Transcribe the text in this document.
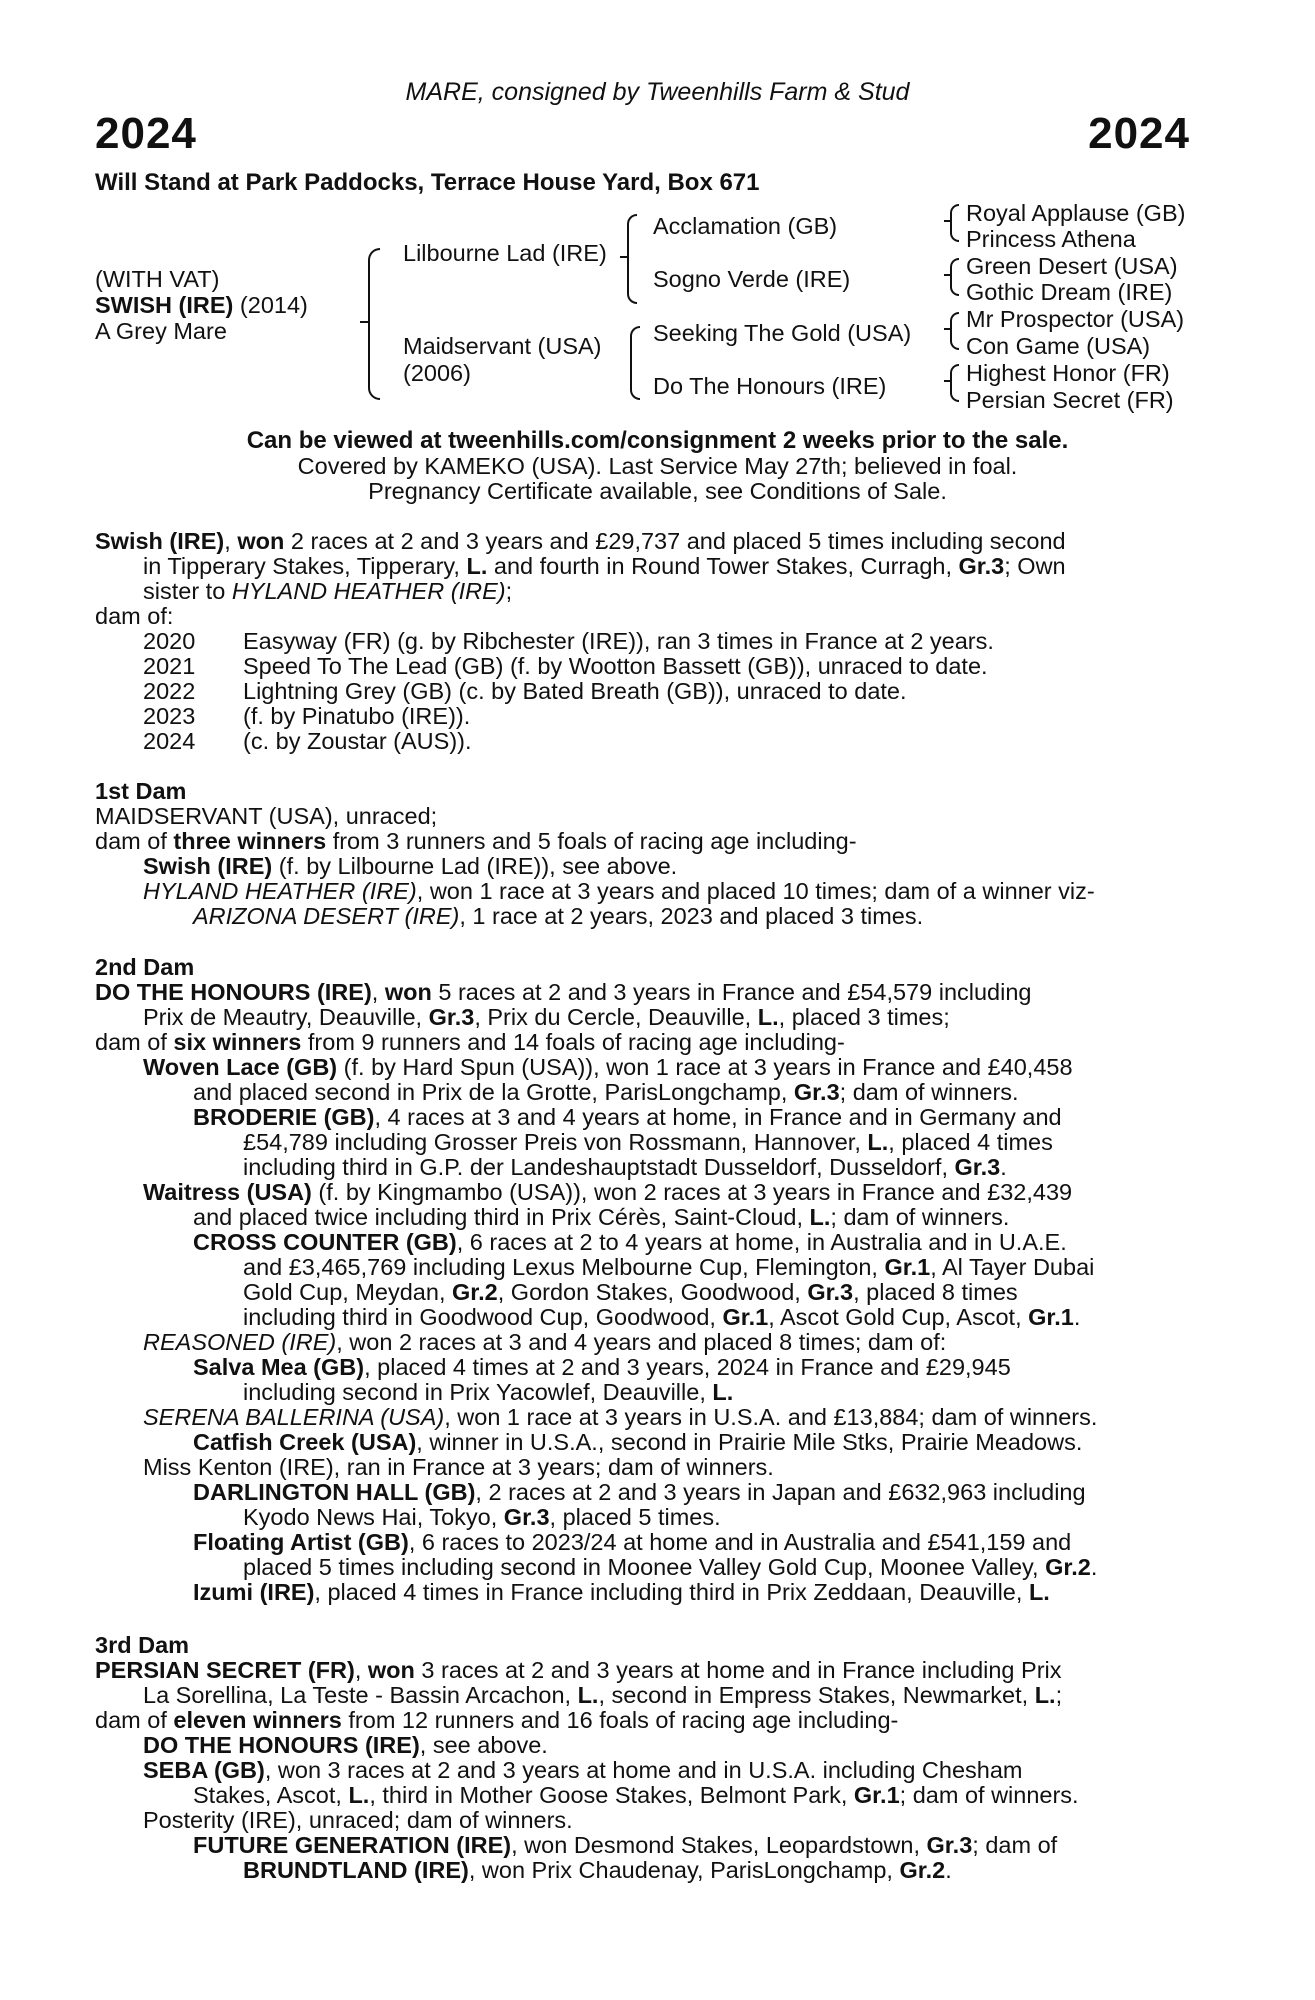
MARE, consigned by Tweenhills Farm & Stud
2024	2024
Will Stand at Park Paddocks, Terrace House Yard, Box 671
(WITH VAT)
SWISH (IRE) (2014)
A Grey Mare
Lilbourne Lad (IRE)
Maidservant (USA)
(2006)
Acclamation (GB)
Sogno Verde (IRE)
Seeking The Gold (USA)
Do The Honours (IRE)
Royal Applause (GB)
Princess Athena
Green Desert (USA)
Gothic Dream (IRE)
Mr Prospector (USA)
Con Game (USA)
Highest Honor (FR)
Persian Secret (FR)
Can be viewed at tweenhills.com/consignment 2 weeks prior to the sale.
Covered by KAMEKO (USA). Last Service May 27th; believed in foal.
Pregnancy Certificate available, see Conditions of Sale.
Swish (IRE), won 2 races at 2 and 3 years and £29,737 and placed 5 times including second
in Tipperary Stakes, Tipperary, L. and fourth in Round Tower Stakes, Curragh, Gr.3; Own
sister to HYLAND HEATHER (IRE);
dam of:
2020 Easyway (FR) (g. by Ribchester (IRE)), ran 3 times in France at 2 years.
2021 Speed To The Lead (GB) (f. by Wootton Bassett (GB)), unraced to date.
2022 Lightning Grey (GB) (c. by Bated Breath (GB)), unraced to date.
2023 (f. by Pinatubo (IRE)).
2024 (c. by Zoustar (AUS)).
1st Dam
MAIDSERVANT (USA), unraced;
dam of three winners from 3 runners and 5 foals of racing age including-
Swish (IRE) (f. by Lilbourne Lad (IRE)), see above.
HYLAND HEATHER (IRE), won 1 race at 3 years and placed 10 times; dam of a winner viz-
ARIZONA DESERT (IRE), 1 race at 2 years, 2023 and placed 3 times.
2nd Dam
DO THE HONOURS (IRE), won 5 races at 2 and 3 years in France and £54,579 including
Prix de Meautry, Deauville, Gr.3, Prix du Cercle, Deauville, L., placed 3 times;
dam of six winners from 9 runners and 14 foals of racing age including-
Woven Lace (GB) (f. by Hard Spun (USA)), won 1 race at 3 years in France and £40,458
and placed second in Prix de la Grotte, ParisLongchamp, Gr.3; dam of winners.
BRODERIE (GB), 4 races at 3 and 4 years at home, in France and in Germany and
£54,789 including Grosser Preis von Rossmann, Hannover, L., placed 4 times
including third in G.P. der Landeshauptstadt Dusseldorf, Dusseldorf, Gr.3.
Waitress (USA) (f. by Kingmambo (USA)), won 2 races at 3 years in France and £32,439
and placed twice including third in Prix Cérès, Saint-Cloud, L.; dam of winners.
CROSS COUNTER (GB), 6 races at 2 to 4 years at home, in Australia and in U.A.E.
and £3,465,769 including Lexus Melbourne Cup, Flemington, Gr.1, Al Tayer Dubai
Gold Cup, Meydan, Gr.2, Gordon Stakes, Goodwood, Gr.3, placed 8 times
including third in Goodwood Cup, Goodwood, Gr.1, Ascot Gold Cup, Ascot, Gr.1.
REASONED (IRE), won 2 races at 3 and 4 years and placed 8 times; dam of:
Salva Mea (GB), placed 4 times at 2 and 3 years, 2024 in France and £29,945
including second in Prix Yacowlef, Deauville, L.
SERENA BALLERINA (USA), won 1 race at 3 years in U.S.A. and £13,884; dam of winners.
Catfish Creek (USA), winner in U.S.A., second in Prairie Mile Stks, Prairie Meadows.
Miss Kenton (IRE), ran in France at 3 years; dam of winners.
DARLINGTON HALL (GB), 2 races at 2 and 3 years in Japan and £632,963 including
Kyodo News Hai, Tokyo, Gr.3, placed 5 times.
Floating Artist (GB), 6 races to 2023/24 at home and in Australia and £541,159 and
placed 5 times including second in Moonee Valley Gold Cup, Moonee Valley, Gr.2.
Izumi (IRE), placed 4 times in France including third in Prix Zeddaan, Deauville, L.
3rd Dam
PERSIAN SECRET (FR), won 3 races at 2 and 3 years at home and in France including Prix
La Sorellina, La Teste - Bassin Arcachon, L., second in Empress Stakes, Newmarket, L.;
dam of eleven winners from 12 runners and 16 foals of racing age including-
DO THE HONOURS (IRE), see above.
SEBA (GB), won 3 races at 2 and 3 years at home and in U.S.A. including Chesham
Stakes, Ascot, L., third in Mother Goose Stakes, Belmont Park, Gr.1; dam of winners.
Posterity (IRE), unraced; dam of winners.
FUTURE GENERATION (IRE), won Desmond Stakes, Leopardstown, Gr.3; dam of
BRUNDTLAND (IRE), won Prix Chaudenay, ParisLongchamp, Gr.2.
